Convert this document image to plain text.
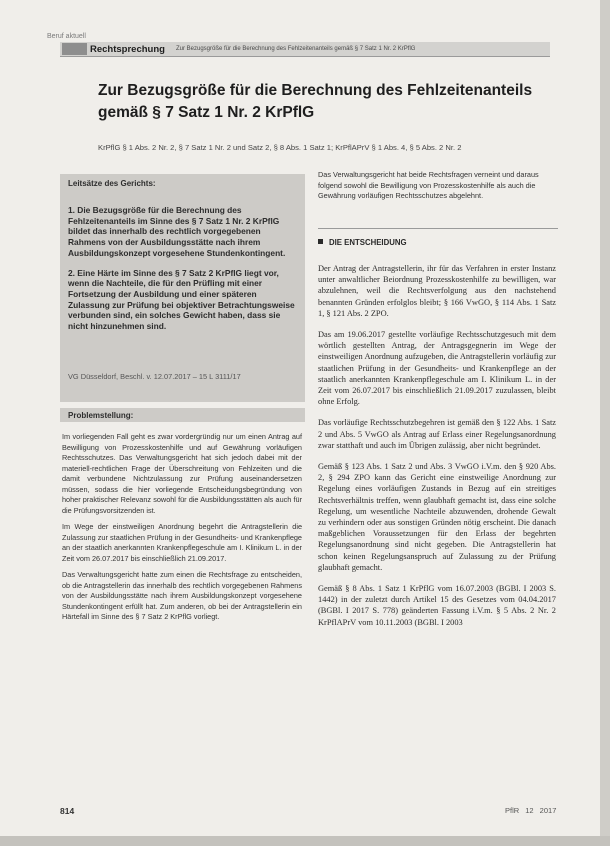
Beruf aktuell
Rechtsprechung Zur Bezugsgröße für die Berechnung des Fehlzeitenanteils gemäß § 7 Satz 1 Nr. 2 KrPflG
Zur Bezugsgröße für die Berechnung des Fehlzeitenanteils gemäß § 7 Satz 1 Nr. 2 KrPflG
KrPflG § 1 Abs. 2 Nr. 2, § 7 Satz 1 Nr. 2 und Satz 2, § 8 Abs. 1 Satz 1; KrPflAPrV § 1 Abs. 4, § 5 Abs. 2 Nr. 2
Leitsätze des Gerichts:

1. Die Bezugsgröße für die Berechnung des Fehlzeitenanteils im Sinne des § 7 Satz 1 Nr. 2 KrPflG bildet das innerhalb des rechtlich vorgegebenen Rahmens von der Ausbildungsstätte nach ihrem Ausbildungskonzept vorgesehene Stundenkontingent.

2. Eine Härte im Sinne des § 7 Satz 2 KrPflG liegt vor, wenn die Nachteile, die für den Prüfling mit einer Fortsetzung der Ausbildung und einer späteren Zulassung zur Prüfung bei objektiver Betrachtungsweise verbunden sind, ein solches Gewicht haben, dass sie nicht hinzunehmen sind.

VG Düsseldorf, Beschl. v. 12.07.2017 – 15 L 3111/17
Problemstellung:

Im vorliegenden Fall geht es zwar vordergründig nur um einen Antrag auf Bewilligung von Prozesskostenhilfe und auf Gewährung vorläufigen Rechtsschutzes. Das Verwaltungsgericht hat sich jedoch dabei mit der materiell-rechtlichen Frage der Überschreitung von Fehlzeiten und die damit verbundene Nichtzulassung zur Prüfung auseinandersetzen müssen, sodass die hier vorliegende Entscheidungsbegründung von hoher praktischer Relevanz sowohl für die Ausbildungsstätten als auch für die Prüfungsvorsitzenden ist.

Im Wege der einstweiligen Anordnung begehrt die Antragstellerin die Zulassung zur staatlichen Prüfung in der Gesundheits- und Krankenpflege an der staatlich anerkannten Krankenpflegeschule am I. Klinikum L. in der Zeit vom 26.07.2017 bis einschließlich 21.09.2017.

Das Verwaltungsgericht hatte zum einen die Rechtsfrage zu entscheiden, ob die Antragstellerin das innerhalb des rechtlich vorgegebenen Rahmens von der Ausbildungsstätte nach ihrem Ausbildungskonzept vorgesehene Stundenkontingent erfüllt hat. Zum anderen, ob bei der Antragstellerin ein Härtefall im Sinne des § 7 Satz 2 KrPflG vorliegt.

Das Verwaltungsgericht hat beide Rechtsfragen verneint und daraus folgend sowohl die Bewilligung von Prozesskostenhilfe als auch die Gewährung vorläufigen Rechtsschutzes abgelehnt.
DIE ENTSCHEIDUNG

Der Antrag der Antragstellerin, ihr für das Verfahren in erster Instanz unter anwaltlicher Beiordnung Prozesskostenhilfe zu bewilligen, war abzulehnen, weil die Rechtsverfolgung aus den nachstehend benannten Gründen erfolglos bleibt; § 166 VwGO, § 114 Abs. 1 Satz 1, § 121 Abs. 2 ZPO.

Das am 19.06.2017 gestellte vorläufige Rechtsschutzgesuch mit dem wörtlich gestellten Antrag, der Antragsgegnerin im Wege der einstweiligen Anordnung aufzugeben, die Antragstellerin vorläufig zur staatlichen Prüfung in der Gesundheits- und Krankenpflege an der staatlich anerkannten Krankenpflegeschule am I. Klinikum L. in der Zeit vom 26.07.2017 bis einschließlich 21.09.2017 zuzulassen, bleibt ohne Erfolg.

Das vorläufige Rechtsschutzbegehren ist gemäß den § 122 Abs. 1 Satz 2 und Abs. 5 VwGO als Antrag auf Erlass einer Regelungsanordnung zwar statthaft und auch im Übrigen zulässig, aber nicht begründet.

Gemäß § 123 Abs. 1 Satz 2 und Abs. 3 VwGO i.V.m. den § 920 Abs. 2, § 294 ZPO kann das Gericht eine einstweilige Anordnung zur Regelung eines vorläufigen Zustands in Bezug auf ein streitiges Rechtsverhältnis treffen, wenn glaubhaft gemacht ist, dass eine solche Regelung, um wesentliche Nachteile abzuwenden, drohende Gewalt zu verhindern oder aus sonstigen Gründen nötig erscheint. Die danach maßgeblichen Voraussetzungen für den Erlass der begehrten Regelungsanordnung sind nicht gegeben. Die Antragstellerin hat schon keinen Regelungsanspruch auf Zulassung zu der Prüfung glaubhaft gemacht.

Gemäß § 8 Abs. 1 Satz 1 KrPflG vom 16.07.2003 (BGBl. I 2003 S. 1442) in der zuletzt durch Artikel 15 des Gesetzes vom 04.04.2017 (BGBl. I 2017 S. 778) geänderten Fassung i.V.m. § 5 Abs. 2 Nr. 2 KrPflAPrV vom 10.11.2003 (BGBl. I 2003

814	PflR 12 2017
